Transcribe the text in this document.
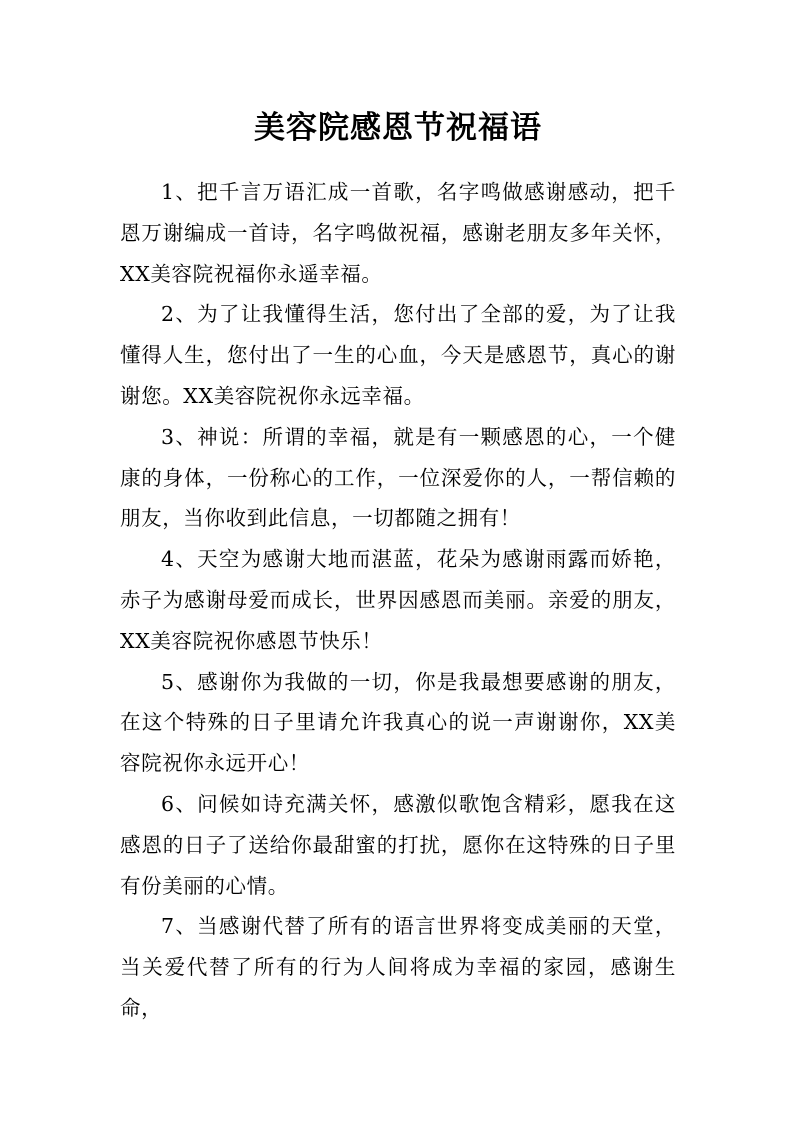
美容院感恩节祝福语

1、把千言万语汇成一首歌，名字鸣做感谢感动，把千恩万谢编成一首诗，名字鸣做祝福，感谢老朋友多年关怀，XX美容院祝福你永遥幸福。

2、为了让我懂得生活，您付出了全部的爱，为了让我懂得人生，您付出了一生的心血，今天是感恩节，真心的谢谢您。XX美容院祝你永远幸福。

3、神说：所谓的幸福，就是有一颗感恩的心，一个健康的身体，一份称心的工作，一位深爱你的人，一帮信赖的朋友，当你收到此信息，一切都随之拥有！

4、天空为感谢大地而湛蓝，花朵为感谢雨露而娇艳，赤子为感谢母爱而成长，世界因感恩而美丽。亲爱的朋友，XX美容院祝你感恩节快乐！

5、感谢你为我做的一切，你是我最想要感谢的朋友，在这个特殊的日子里请允许我真心的说一声谢谢你，XX美容院祝你永远开心！

6、问候如诗充满关怀，感激似歌饱含精彩，愿我在这感恩的日子了送给你最甜蜜的打扰，愿你在这特殊的日子里有份美丽的心情。

7、当感谢代替了所有的语言世界将变成美丽的天堂，当关爱代替了所有的行为人间将成为幸福的家园，感谢生命，
